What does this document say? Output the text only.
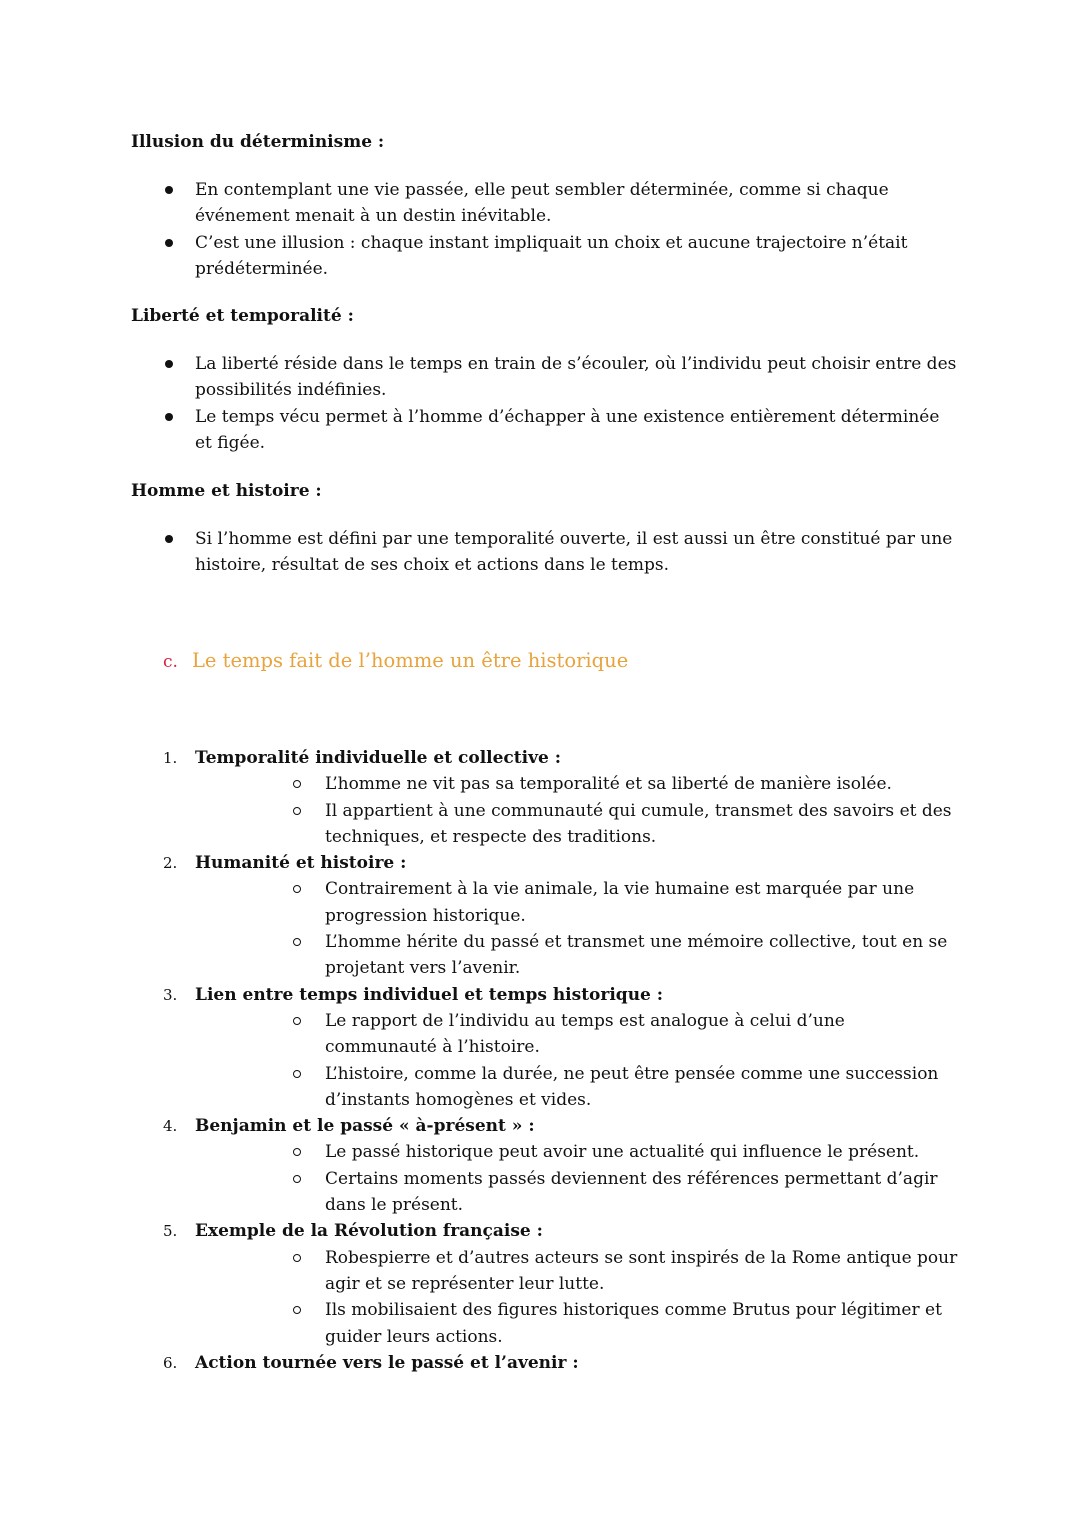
Illusion du déterminisme :
En contemplant une vie passée, elle peut sembler déterminée, comme si chaque événement menait à un destin inévitable.
C’est une illusion : chaque instant impliquait un choix et aucune trajectoire n’était prédéterminée.
Liberté et temporalité :
La liberté réside dans le temps en train de s’écouler, où l’individu peut choisir entre des possibilités indéfinies.
Le temps vécu permet à l’homme d’échapper à une existence entièrement déterminée et figée.
Homme et histoire :
Si l’homme est défini par une temporalité ouverte, il est aussi un être constitué par une histoire, résultat de ses choix et actions dans le temps.
c. Le temps fait de l’homme un être historique
1. Temporalité individuelle et collective :
L’homme ne vit pas sa temporalité et sa liberté de manière isolée.
Il appartient à une communauté qui cumule, transmet des savoirs et des techniques, et respecte des traditions.
2. Humanité et histoire :
Contrairement à la vie animale, la vie humaine est marquée par une progression historique.
L’homme hérite du passé et transmet une mémoire collective, tout en se projetant vers l’avenir.
3. Lien entre temps individuel et temps historique :
Le rapport de l’individu au temps est analogue à celui d’une communauté à l’histoire.
L’histoire, comme la durée, ne peut être pensée comme une succession d’instants homogènes et vides.
4. Benjamin et le passé « à-présent » :
Le passé historique peut avoir une actualité qui influence le présent.
Certains moments passés deviennent des références permettant d’agir dans le présent.
5. Exemple de la Révolution française :
Robespierre et d’autres acteurs se sont inspirés de la Rome antique pour agir et se représenter leur lutte.
Ils mobilisaient des figures historiques comme Brutus pour légitimer et guider leurs actions.
6. Action tournée vers le passé et l’avenir :
